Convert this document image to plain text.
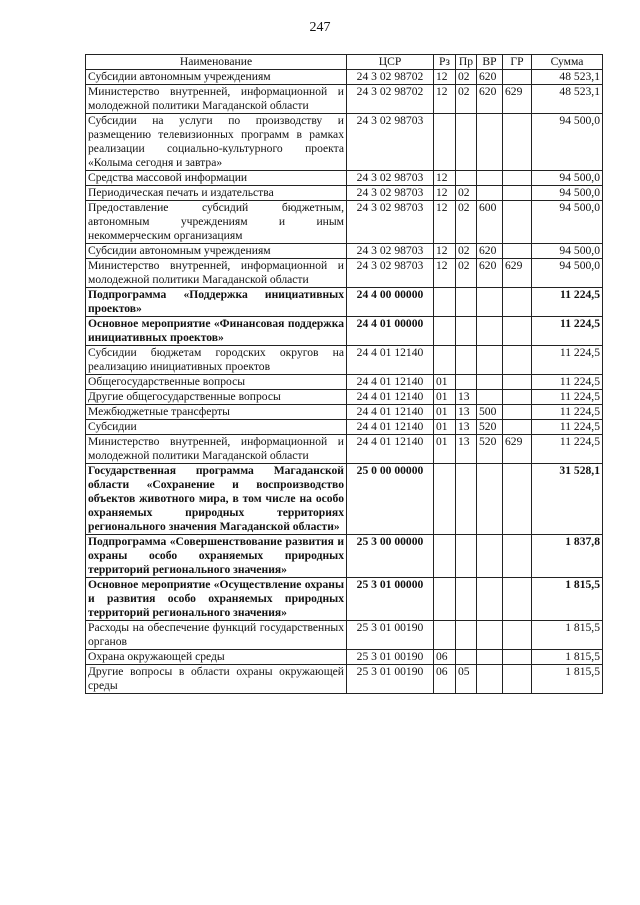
247
Наименование	ЦСР	Рз	Пр	ВР	ГР	Сумма
Субсидии автономным учреждениям	24 3 02 98702	12	02	620		48 523,1
Министерство внутренней, информационной и молодежной политики Магаданской области	24 3 02 98702	12	02	620	629	48 523,1
Субсидии на услуги по производству и размещению телевизионных программ в рамках реализации социально-культурного проекта «Колыма сегодня и завтра»	24 3 02 98703					94 500,0
Средства массовой информации	24 3 02 98703	12				94 500,0
Периодическая печать и издательства	24 3 02 98703	12	02			94 500,0
Предоставление субсидий бюджетным, автономным учреждениям и иным некоммерческим организациям	24 3 02 98703	12	02	600		94 500,0
Субсидии автономным учреждениям	24 3 02 98703	12	02	620		94 500,0
Министерство внутренней, информационной и молодежной политики Магаданской области	24 3 02 98703	12	02	620	629	94 500,0
Подпрограмма «Поддержка инициативных проектов»	24 4 00 00000					11 224,5
Основное мероприятие «Финансовая поддержка инициативных проектов»	24 4 01 00000					11 224,5
Субсидии бюджетам городских округов на реализацию инициативных проектов	24 4 01 12140					11 224,5
Общегосударственные вопросы	24 4 01 12140	01				11 224,5
Другие общегосударственные вопросы	24 4 01 12140	01	13			11 224,5
Межбюджетные трансферты	24 4 01 12140	01	13	500		11 224,5
Субсидии	24 4 01 12140	01	13	520		11 224,5
Министерство внутренней, информационной и молодежной политики Магаданской области	24 4 01 12140	01	13	520	629	11 224,5
Государственная программа Магаданской области «Сохранение и воспроизводство объектов животного мира, в том числе на особо охраняемых природных территориях регионального значения Магаданской области»	25 0 00 00000					31 528,1
Подпрограмма «Совершенствование развития и охраны особо охраняемых природных территорий регионального значения»	25 3 00 00000					1 837,8
Основное мероприятие «Осуществление охраны и развития особо охраняемых природных территорий регионального значения»	25 3 01 00000					1 815,5
Расходы на обеспечение функций государственных органов	25 3 01 00190					1 815,5
Охрана окружающей среды	25 3 01 00190	06				1 815,5
Другие вопросы в области охраны окружающей среды	25 3 01 00190	06	05			1 815,5
